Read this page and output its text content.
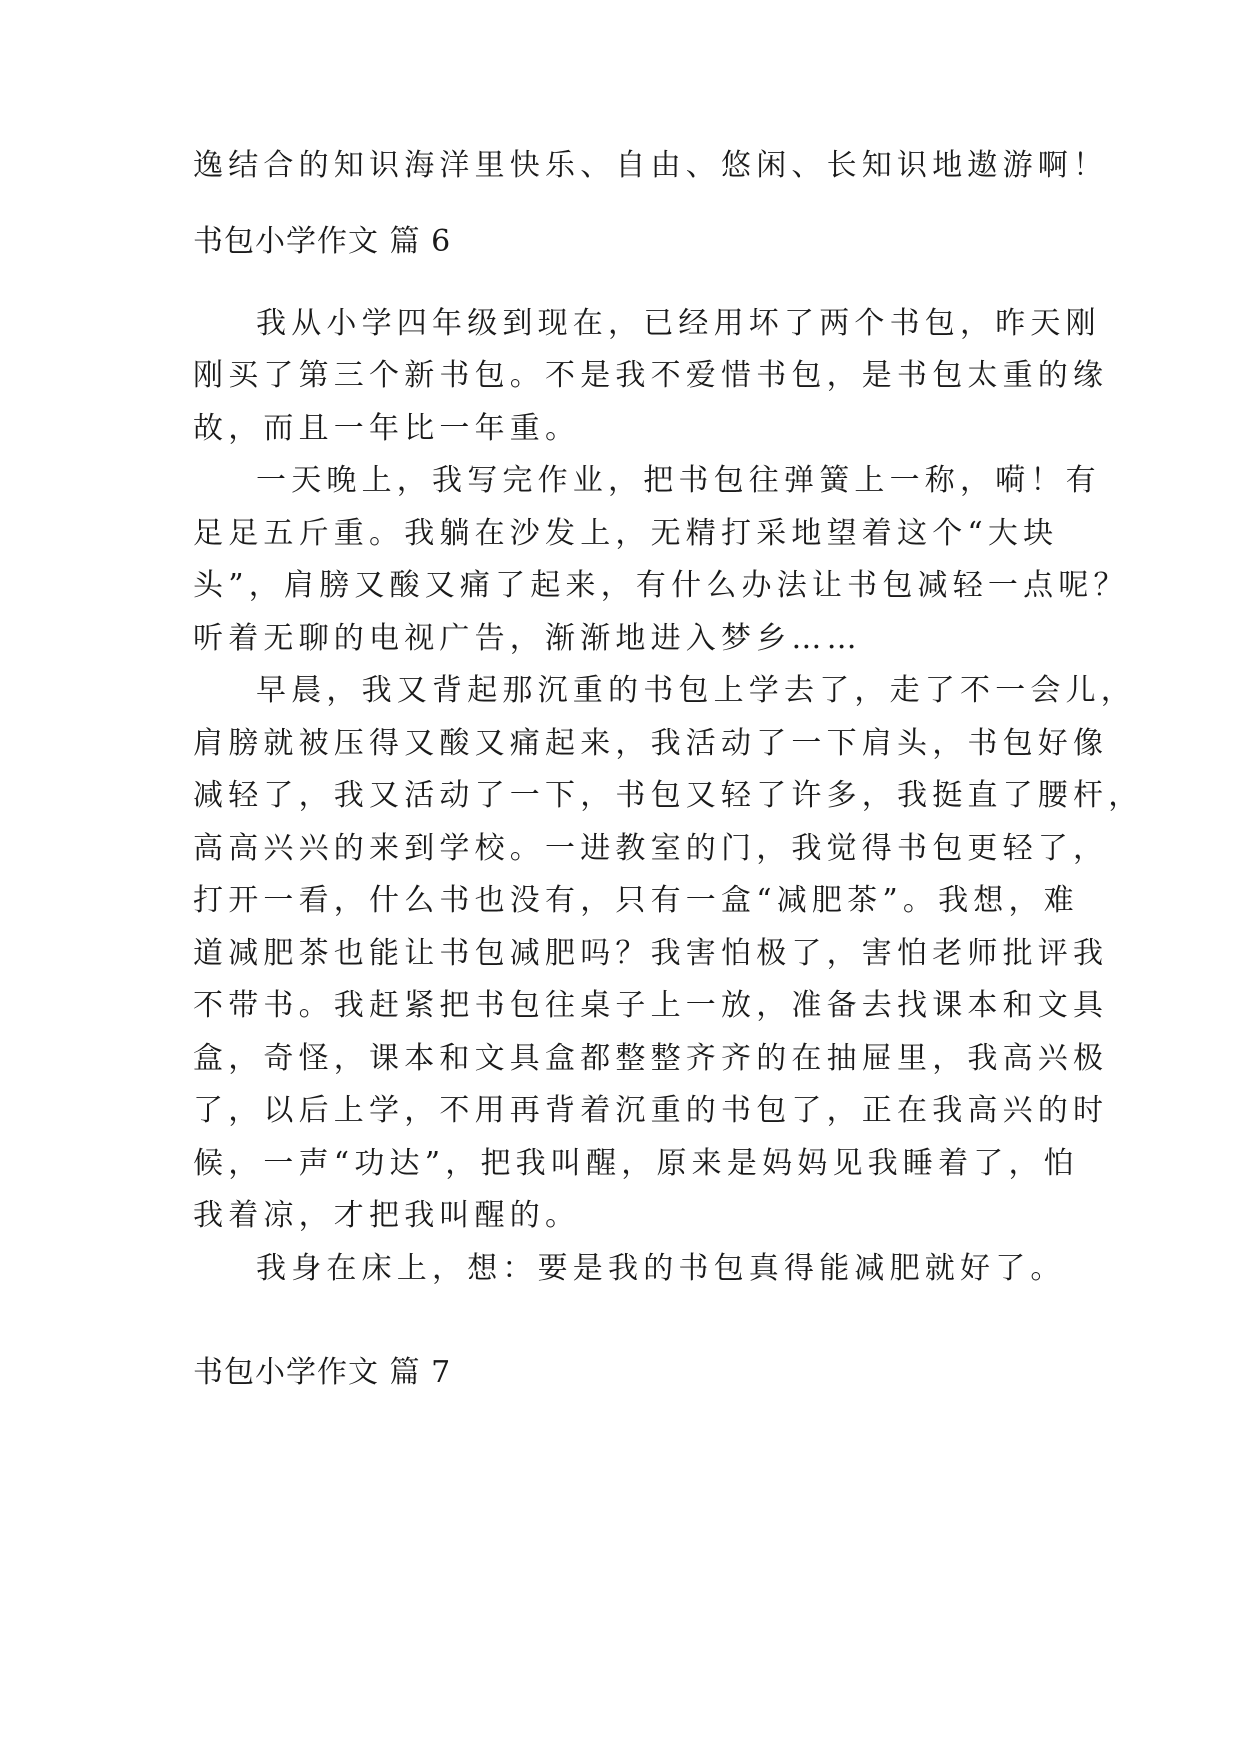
逸结合的知识海洋里快乐、自由、悠闲、长知识地遨游啊！

书包小学作文 篇 6

我从小学四年级到现在，已经用坏了两个书包，昨天刚

刚买了第三个新书包。不是我不爱惜书包，是书包太重的缘

故，而且一年比一年重。

一天晚上，我写完作业，把书包往弹簧上一称，嗬！有

足足五斤重。我躺在沙发上，无精打采地望着这个“大块

头”，肩膀又酸又痛了起来，有什么办法让书包减轻一点呢？

听着无聊的电视广告，渐渐地进入梦乡……

早晨，我又背起那沉重的书包上学去了，走了不一会儿，

肩膀就被压得又酸又痛起来，我活动了一下肩头，书包好像

减轻了，我又活动了一下，书包又轻了许多，我挺直了腰杆，

高高兴兴的来到学校。一进教室的门，我觉得书包更轻了，

打开一看，什么书也没有，只有一盒“减肥茶”。我想，难

道减肥茶也能让书包减肥吗？我害怕极了，害怕老师批评我

不带书。我赶紧把书包往桌子上一放，准备去找课本和文具

盒，奇怪，课本和文具盒都整整齐齐的在抽屉里，我高兴极

了，以后上学，不用再背着沉重的书包了，正在我高兴的时

候，一声“功达”，把我叫醒，原来是妈妈见我睡着了，怕

我着凉，才把我叫醒的。

我身在床上，想：要是我的书包真得能减肥就好了。

书包小学作文 篇 7
